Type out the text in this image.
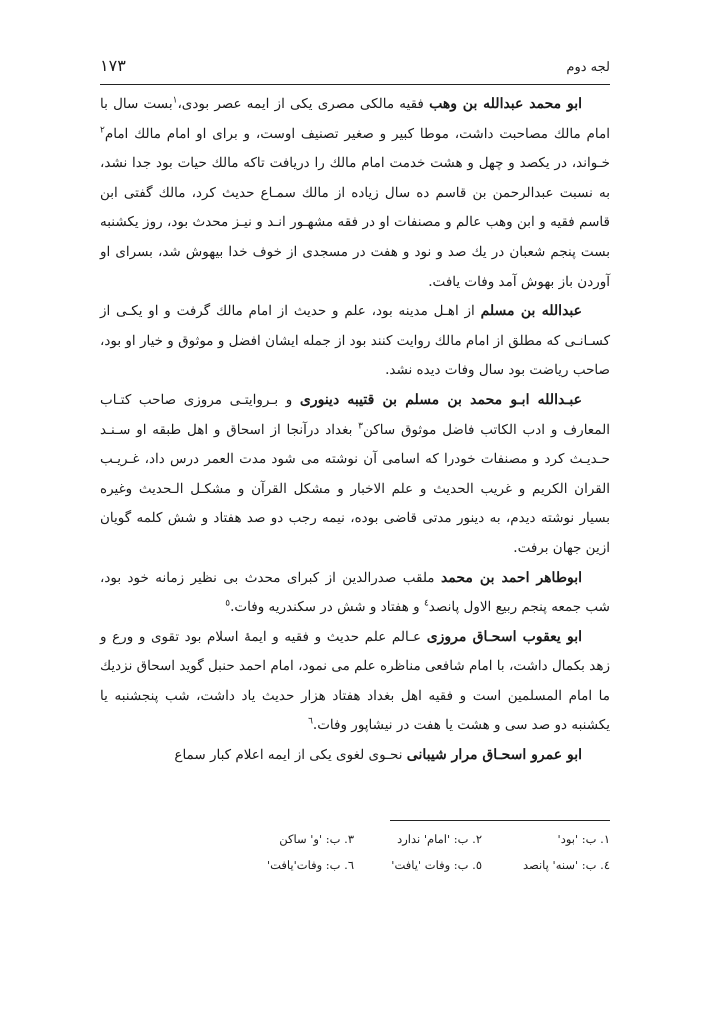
لجه دوم
١٧٣

ابو محمد عبدالله بن وهب فقیه مالکی مصری یکی از ایمه عصر بودی،$^١$بست سال با امام مالك مصاحبت داشت، موطا کبیر و صغیر تصنیف اوست، و برای او امام مالك امام$^٢$ خـواند، در یکصد و چهل و هشت خدمت امام مالك را دریافت تاکه مالك حیات بود جدا نشد، به نسبت عبدالرحمن بن قاسم ده سال زیاده از مالك سمـاع حدیث کرد، مالك گفتی ابن قاسم فقیه و ابن وهب عالم و مصنفات او در فقه مشهـور انـد و نیـز محدث بود، روز یکشنبه بست پنجم شعبان در یك صد و نود و هفت در مسجدی از خوف خدا بیهوش شد، بسرای او آوردن باز بهوش آمد وفات یافت.

عبدالله بن مسلم از اهـل مدینه بود، علم و حدیث از امام مالك گرفت و او یکـی از کسـانـی که مطلق از امام مالك روایت کنند بود از جمله ایشان افضل و موثوق و خیار او بود، صاحب ریاضت بود سال وفات دیده نشد.

عبـدالله ابـو محمد بن مسلم بن قتیبه دینوری و بـروایتـی مروزی صاحب کتـاب المعارف و ادب الکاتب فاضل موثوق ساکن$^٣$ بغداد درآنجا از اسحاق و اهل طبقه او سـنـد حـدیـث کرد و مصنفات خودرا که اسامی آن نوشته می شود مدت العمر درس داد، غـریـب القران الکریم و غریب الحدیث و علم الاخبار و مشکل القرآن و مشکـل الـحدیث وغیره بسیار نوشته دیدم، به دینور مدتی قاضی بوده، نیمه رجب دو صد هفتاد و شش کلمه گویان ازین جهان برفت.

ابوطاهر احمد بن محمد ملقب صدرالدین از کبرای محدث بی نظیر زمانه خود بود، شب جمعه پنجم ربیع الاول پانصد$^٤$ و هفتاد و شش در سکندریه وفات.$^٥$

ابو یعقوب اسحـاق مروزی عـالم علم حدیث و فقیه و ایمهٔ اسلام بود تقوی و ورع و زهد بکمال داشت، با امام شافعی مناظره علم می نمود، امام احمد حنبل گوید اسحاق نزدیك ما امام المسلمین است و فقیه اهل بغداد هفتاد هزار حدیث یاد داشت، شب پنجشنبه یا یکشنبه دو صد سی و هشت یا هفت در نیشاپور وفات.$^٦$

ابو عمرو اسحـاق مرار شیبانی نحـوی لغوی یکی از ایمه اعلام کبار سماع

١. ب: 'بود'
٢. ب: 'امام' ندارد
٣. ب: 'و' ساکن
٤. ب: 'سنه' پانصد
٥. ب: وفات 'یافت'
٦. ب: وفات'یافت'
